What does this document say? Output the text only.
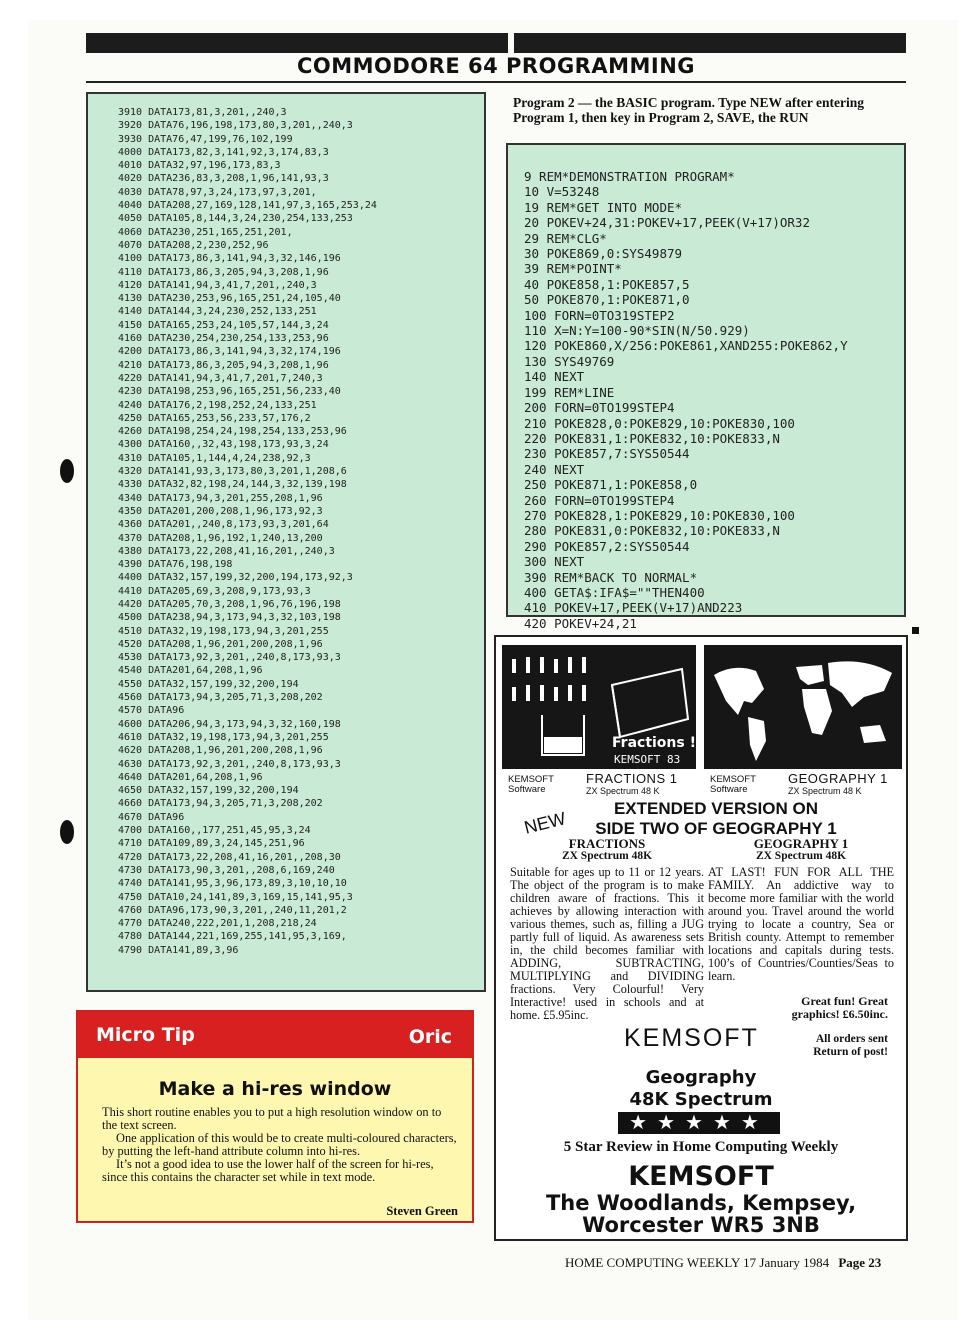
COMMODORE 64 PROGRAMMING
3910 DATA173,81,3,201,,240,3
3920 DATA76,196,198,173,80,3,201,,240,3
3930 DATA76,47,199,76,102,199
4000 DATA173,82,3,141,92,3,174,83,3
4010 DATA32,97,196,173,83,3
4020 DATA236,83,3,208,1,96,141,93,3
4030 DATA78,97,3,24,173,97,3,201,
4040 DATA208,27,169,128,141,97,3,165,253,24
4050 DATA105,8,144,3,24,230,254,133,253
4060 DATA230,251,165,251,201,
4070 DATA208,2,230,252,96
4100 DATA173,86,3,141,94,3,32,146,196
4110 DATA173,86,3,205,94,3,208,1,96
4120 DATA141,94,3,41,7,201,,240,3
4130 DATA230,253,96,165,251,24,105,40
4140 DATA144,3,24,230,252,133,251
4150 DATA165,253,24,105,57,144,3,24
4160 DATA230,254,230,254,133,253,96
4200 DATA173,86,3,141,94,3,32,174,196
4210 DATA173,86,3,205,94,3,208,1,96
4220 DATA141,94,3,41,7,201,7,240,3
4230 DATA198,253,96,165,251,56,233,40
4240 DATA176,2,198,252,24,133,251
4250 DATA165,253,56,233,57,176,2
4260 DATA198,254,24,198,254,133,253,96
4300 DATA160,,32,43,198,173,93,3,24
4310 DATA105,1,144,4,24,238,92,3
4320 DATA141,93,3,173,80,3,201,1,208,6
4330 DATA32,82,198,24,144,3,32,139,198
4340 DATA173,94,3,201,255,208,1,96
4350 DATA201,200,208,1,96,173,92,3
4360 DATA201,,240,8,173,93,3,201,64
4370 DATA208,1,96,192,1,240,13,200
4380 DATA173,22,208,41,16,201,,240,3
4390 DATA76,198,198
4400 DATA32,157,199,32,200,194,173,92,3
4410 DATA205,69,3,208,9,173,93,3
4420 DATA205,70,3,208,1,96,76,196,198
4500 DATA238,94,3,173,94,3,32,103,198
4510 DATA32,19,198,173,94,3,201,255
4520 DATA208,1,96,201,200,208,1,96
4530 DATA173,92,3,201,,240,8,173,93,3
4540 DATA201,64,208,1,96
4550 DATA32,157,199,32,200,194
4560 DATA173,94,3,205,71,3,208,202
4570 DATA96
4600 DATA206,94,3,173,94,3,32,160,198
4610 DATA32,19,198,173,94,3,201,255
4620 DATA208,1,96,201,200,208,1,96
4630 DATA173,92,3,201,,240,8,173,93,3
4640 DATA201,64,208,1,96
4650 DATA32,157,199,32,200,194
4660 DATA173,94,3,205,71,3,208,202
4670 DATA96
4700 DATA160,,177,251,45,95,3,24
4710 DATA109,89,3,24,145,251,96
4720 DATA173,22,208,41,16,201,,208,30
4730 DATA173,90,3,201,,208,6,169,240
4740 DATA141,95,3,96,173,89,3,10,10,10
4750 DATA10,24,141,89,3,169,15,141,95,3
4760 DATA96,173,90,3,201,,240,11,201,2
4770 DATA240,222,201,1,208,218,24
4780 DATA144,221,169,255,141,95,3,169,
4790 DATA141,89,3,96
Program 2 — the BASIC program. Type NEW after entering Program 1, then key in Program 2, SAVE, the RUN
9 REM*DEMONSTRATION PROGRAM*
10 V=53248
19 REM*GET INTO MODE*
20 POKEV+24,31:POKEV+17,PEEK(V+17)OR32
29 REM*CLG*
30 POKE869,0:SYS49879
39 REM*POINT*
40 POKE858,1:POKE857,5
50 POKE870,1:POKE871,0
100 FORN=0TO319STEP2
110 X=N:Y=100-90*SIN(N/50.929)
120 POKE860,X/256:POKE861,XAND255:POKE862,Y
130 SYS49769
140 NEXT
199 REM*LINE
200 FORN=0TO199STEP4
210 POKE828,0:POKE829,10:POKE830,100
220 POKE831,1:POKE832,10:POKE833,N
230 POKE857,7:SYS50544
240 NEXT
250 POKE871,1:POKE858,0
260 FORN=0TO199STEP4
270 POKE828,1:POKE829,10:POKE830,100
280 POKE831,0:POKE832,10:POKE833,N
290 POKE857,2:SYS50544
300 NEXT
390 REM*BACK TO NORMAL*
400 GETA$:IFA$=""THEN400
410 POKEV+17,PEEK(V+17)AND223
420 POKEV+24,21
Micro Tip	Oric
Make a hi-res window

This short routine enables you to put a high resolution window on to the text screen.

One application of this would be to create multi-coloured characters, by putting the left-hand attribute column into hi-res.

It’s not a good idea to use the lower half of the screen for hi-res, since this contains the character set while in text mode.

Steven Green
Fractions !
KEMSOFT 83
KEMSOFT
Software
FRACTIONS 1
ZX Spectrum 48 K
KEMSOFT
Software
GEOGRAPHY 1
ZX Spectrum 48 K
NEW	EXTENDED VERSION ON
SIDE TWO OF GEOGRAPHY 1
FRACTIONS
ZX Spectrum 48K
Suitable for ages up to 11 or 12 years. The object of the program is to make children aware of fractions. This it achieves by allowing interaction with various themes, such as, filling a JUG partly full of liquid. As awareness sets in, the child becomes familiar with ADDING, SUBTRACTING, MULTIPLYING and DIVIDING fractions. Very Colourful! Very Interactive! used in schools and at home. £5.95inc.
GEOGRAPHY 1
ZX Spectrum 48K
AT LAST! FUN FOR ALL THE FAMILY. An addictive way to become more familiar with the world around you. Travel around the world trying to locate a country, Sea or British county. Attempt to remember locations and capitals during tests. 100’s of Countries/Counties/Seas to learn.
Great fun! Great graphics! £6.50inc.
All orders sent Return of post!
KEMSOFT
Geography
48K Spectrum
★★★★★
5 Star Review in Home Computing Weekly
KEMSOFT
The Woodlands, Kempsey,
Worcester WR5 3NB
HOME COMPUTING WEEKLY 17 January 1984 Page 23
